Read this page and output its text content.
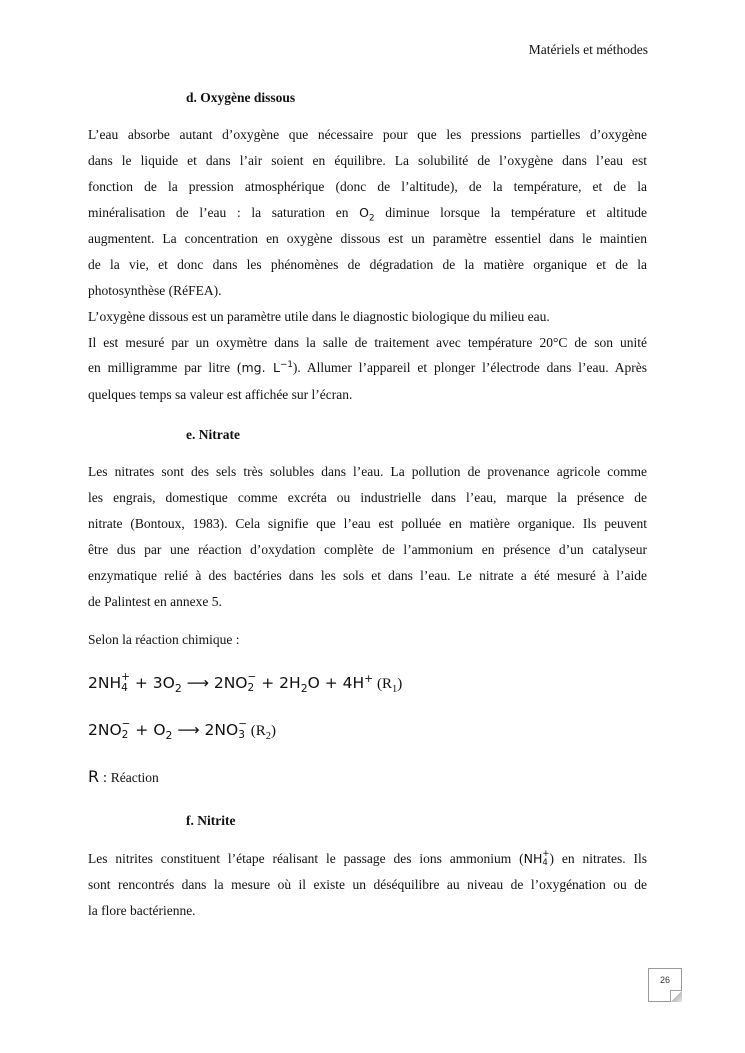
Matériels et méthodes
d. Oxygène dissous
L’eau absorbe autant d’oxygène que nécessaire pour que les pressions partielles d’oxygène
dans le liquide et dans l’air soient en équilibre. La solubilité de l’oxygène dans l’eau est
fonction de la pression atmosphérique (donc de l’altitude), de la température, et de la
minéralisation de l’eau : la saturation en $O_2$ diminue lorsque la température et altitude
augmentent. La concentration en oxygène dissous est un paramètre essentiel dans le maintien
de la vie, et donc dans les phénomènes de dégradation de la matière organique et de la
photosynthèse (RéFEA).
L’oxygène dissous est un paramètre utile dans le diagnostic biologique du milieu eau.
Il est mesuré par un oxymètre dans la salle de traitement avec température 20°C de son unité
en milligramme par litre (mg. $L^{-1}$). Allumer l’appareil et plonger l’électrode dans l’eau. Après
quelques temps sa valeur est affichée sur l’écran.
e. Nitrate
Les nitrates sont des sels très solubles dans l’eau. La pollution de provenance agricole comme
les engrais, domestique comme excréta ou industrielle dans l’eau, marque la présence de
nitrate (Bontoux, 1983). Cela signifie que l’eau est polluée en matière organique. Ils peuvent
être dus par une réaction d’oxydation complète de l’ammonium en présence d’un catalyseur
enzymatique relié à des bactéries dans les sols et dans l’eau. Le nitrate a été mesuré à l’aide
de Palintest en annexe 5.
Selon la réaction chimique :
2NH +
$4 + 3O_2$ ⟶ 2NO −
$2 + 2H_2O + 4H^+$ $(R_1)$
2NO −
$2 + O_2$ ⟶ 2NO −
3 $(R_2)$
R : Réaction
f. Nitrite
Les nitrites constituent l’étape réalisant le passage des ions ammonium (NH +
4 ) en nitrates. Ils
sont rencontrés dans la mesure où il existe un déséquilibre au niveau de l’oxygénation ou de
la flore bactérienne.
26
